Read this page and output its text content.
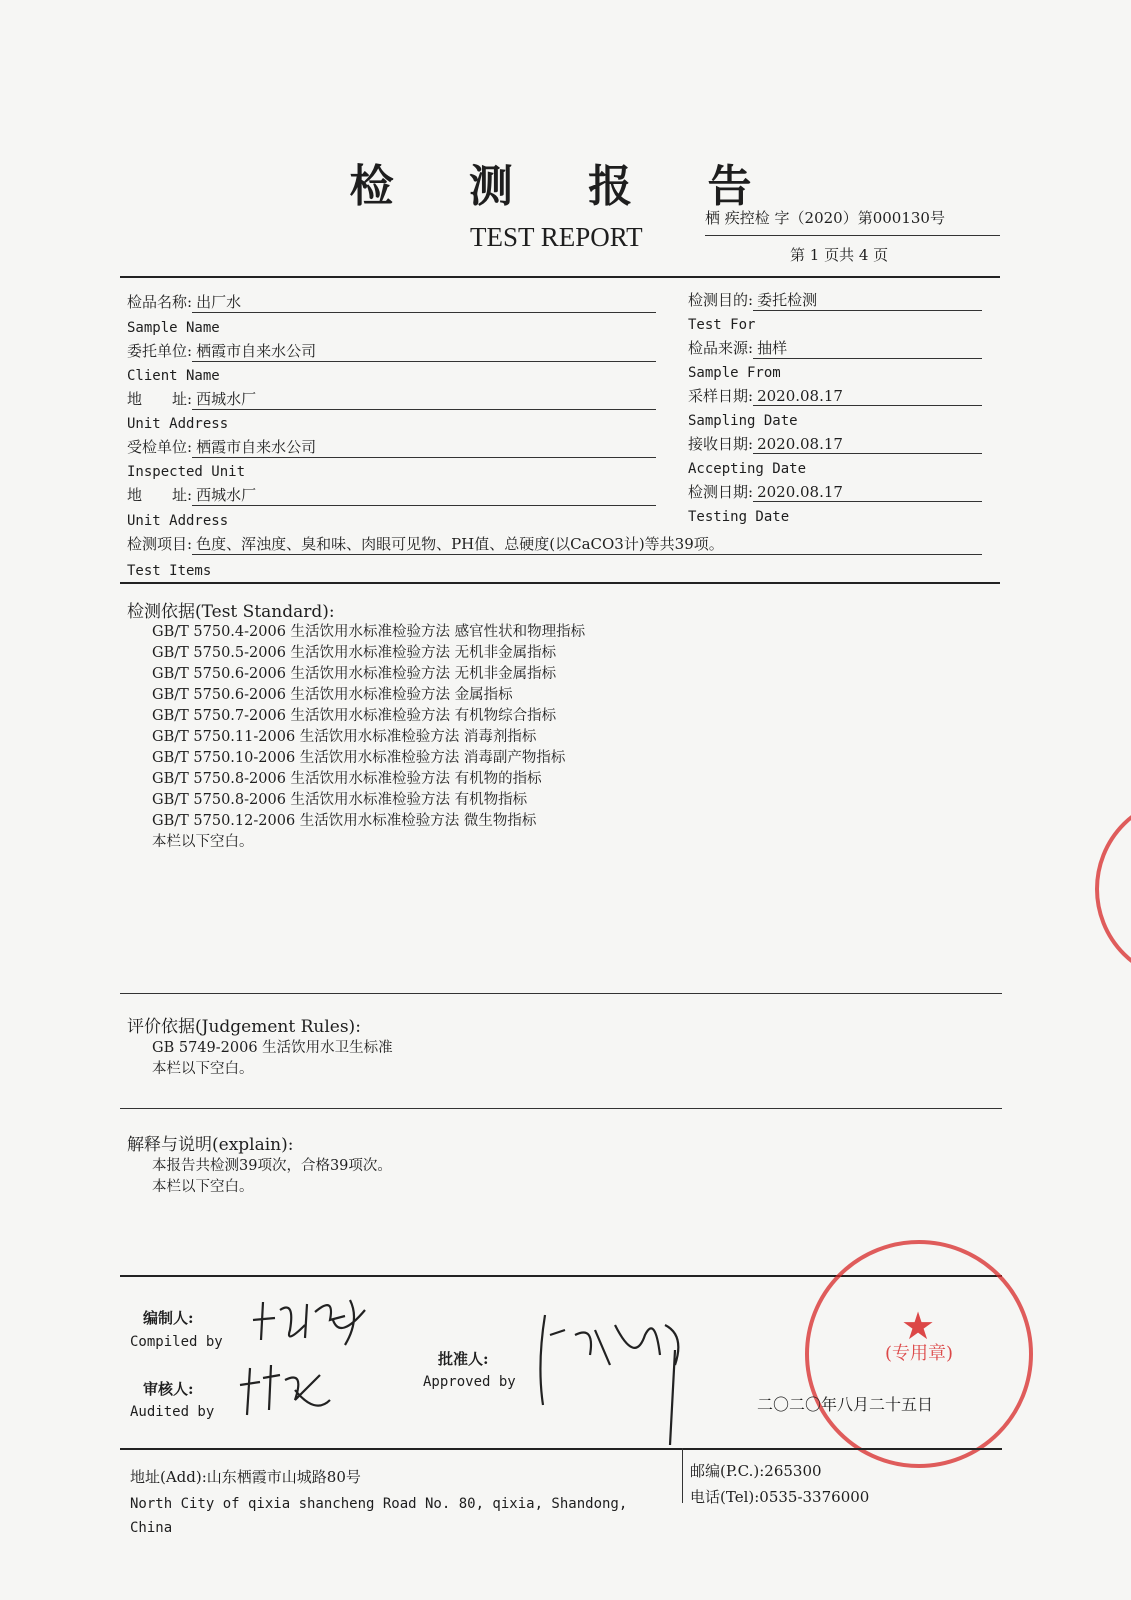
检 测 报 告
TEST REPORT
栖 疾控检 字（2020）第000130号
第 1 页共 4 页
检品名称: 出厂水
Sample Name
委托单位: 栖霞市自来水公司
Client Name
地　　址: 西城水厂
Unit Address
受检单位: 栖霞市自来水公司
Inspected Unit
地　　址: 西城水厂
Unit Address
检测目的: 委托检测
Test For
检品来源: 抽样
Sample From
采样日期: 2020.08.17
Sampling Date
接收日期: 2020.08.17
Accepting Date
检测日期: 2020.08.17
Testing Date
检测项目: 色度、浑浊度、臭和味、肉眼可见物、PH值、总硬度(以CaCO3计)等共39项。
Test Items
检测依据(Test Standard):
GB/T 5750.4-2006 生活饮用水标准检验方法 感官性状和物理指标
GB/T 5750.5-2006 生活饮用水标准检验方法 无机非金属指标
GB/T 5750.6-2006 生活饮用水标准检验方法 无机非金属指标
GB/T 5750.6-2006 生活饮用水标准检验方法 金属指标
GB/T 5750.7-2006 生活饮用水标准检验方法 有机物综合指标
GB/T 5750.11-2006 生活饮用水标准检验方法 消毒剂指标
GB/T 5750.10-2006 生活饮用水标准检验方法 消毒副产物指标
GB/T 5750.8-2006 生活饮用水标准检验方法 有机物的指标
GB/T 5750.8-2006 生活饮用水标准检验方法 有机物指标
GB/T 5750.12-2006 生活饮用水标准检验方法 微生物指标
本栏以下空白。
评价依据(Judgement Rules):
GB 5749-2006 生活饮用水卫生标准
本栏以下空白。
解释与说明(explain):
本报告共检测39项次，合格39项次。
本栏以下空白。
编制人:
Compiled by
审核人:
Audited by
批准人:
Approved by
★
(专用章)
二〇二〇年八月二十五日
地址(Add):山东栖霞市山城路80号
North City of qixia shancheng Road No. 80, qixia, Shandong, China
邮编(P.C.):265300
电话(Tel):0535-3376000
